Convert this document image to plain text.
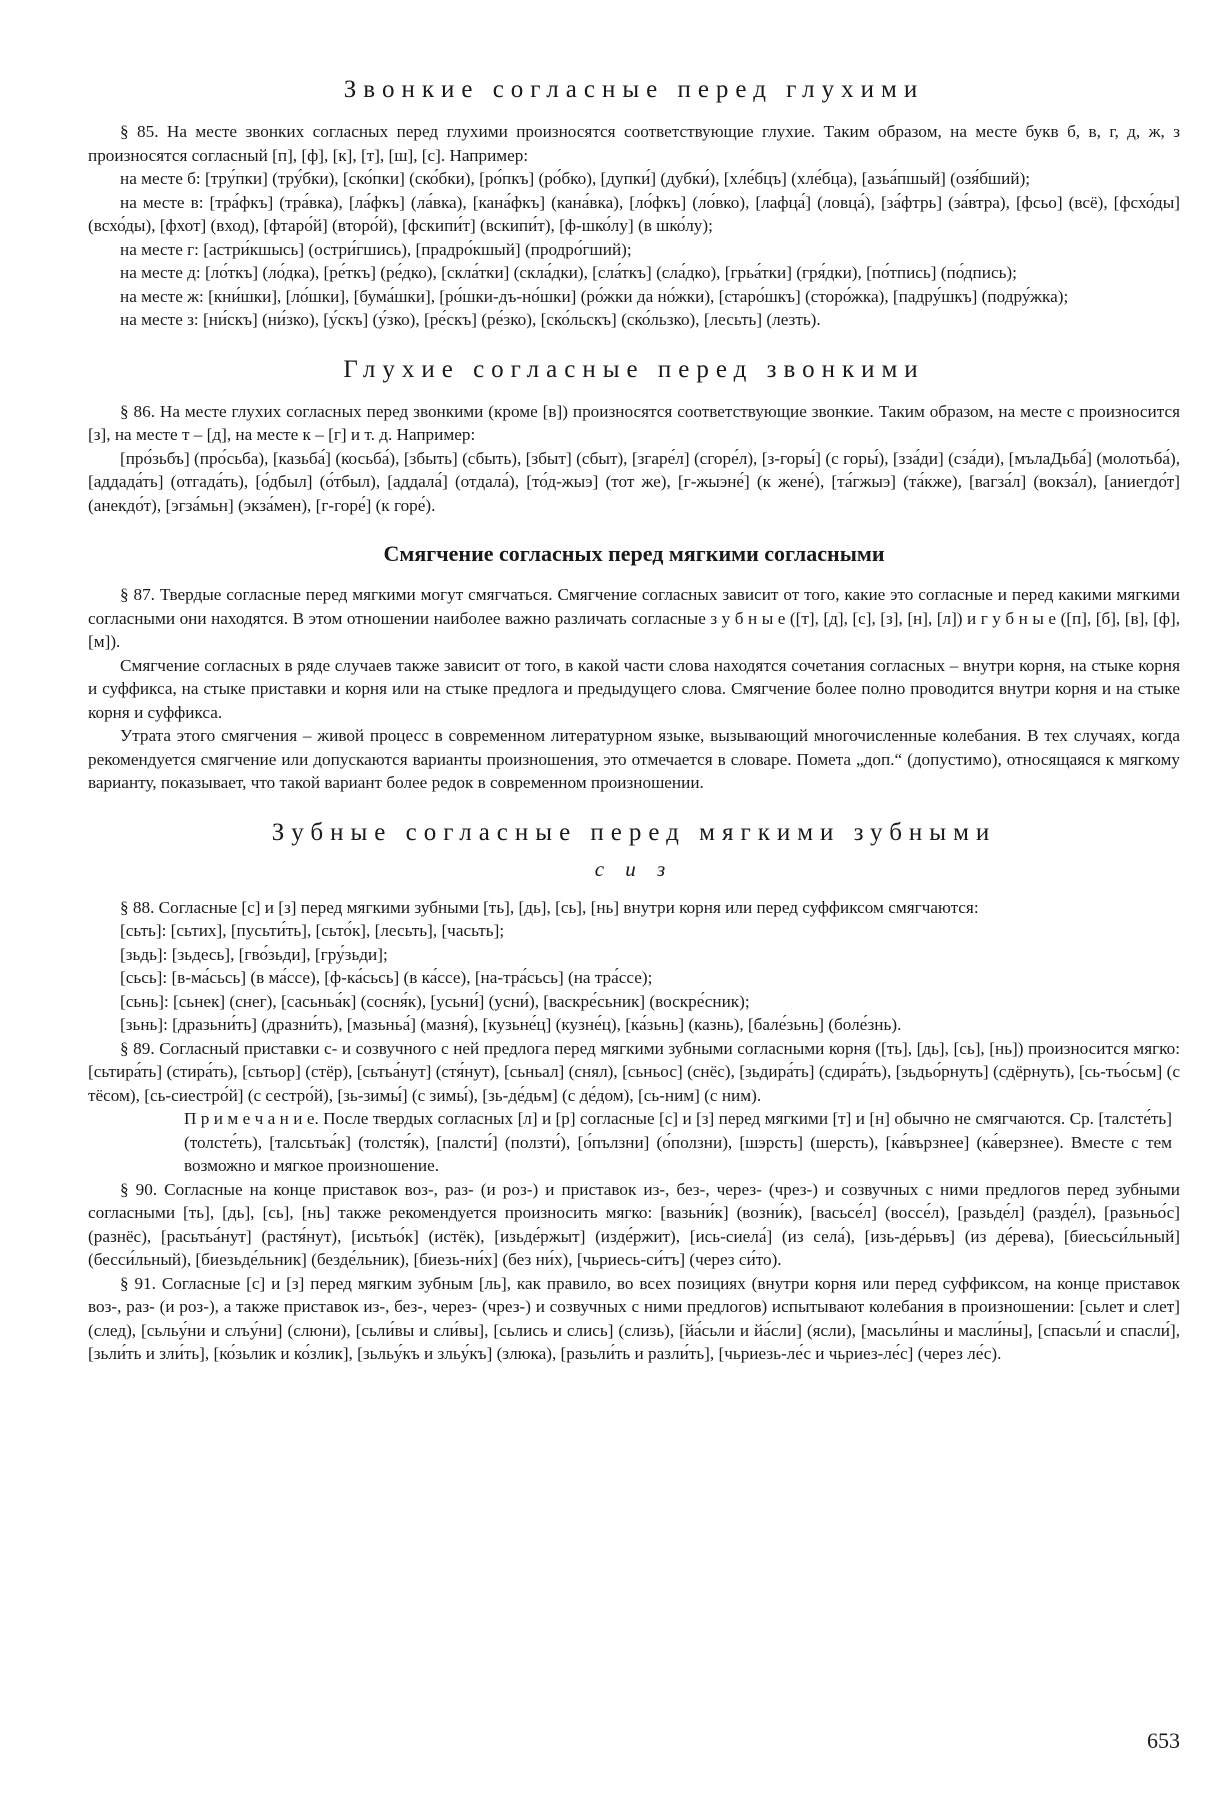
Звонкие согласные перед глухими

§ 85. На месте звонких согласных перед глухими произносятся соответствующие глухие. Таким образом, на месте букв б, в, г, д, ж, з произносятся согласный [п], [ф], [к], [т], [ш], [с]. Например:

на месте б: [тру́пки] (тру́бки), [ско́пки] (ско́бки), [ро́пкъ] (ро́бко), [дупки́] (дубки́), [хле́бцъ] (хле́бца), [азьа́пшый] (озя́бший);

на месте в: [тра́фкъ] (тра́вка), [ла́фкъ] (ла́вка), [кана́фкъ] (кана́вка), [ло́фкъ] (ло́вко), [лафца́] (ловца́), [за́фтрь] (за́втра), [фсьо] (всё), [фсхо́ды] (всхо́ды), [фхот] (вход), [фтаро́й] (второ́й), [фскипи́т] (вскипи́т), [ф-шко́лу] (в шко́лу);

на месте г: [астри́кшысь] (остри́гшись), [прадро́кшый] (продро́гший);

на месте д: [ло́ткъ] (ло́дка), [ре́ткъ] (ре́дко), [скла́тки] (скла́дки), [сла́ткъ] (сла́дко), [грьа́тки] (гря́дки), [по́тпись] (по́дпись);

на месте ж: [кни́шки], [ло́шки], [бума́шки], [ро́шки-дъ-но́шки] (ро́жки да но́жки), [старо́шкъ] (сторо́жка), [падру́шкъ] (подру́жка);

на месте з: [ни́скъ] (ни́зко), [у́скъ] (у́зко), [ре́скъ] (ре́зко), [ско́льскъ] (ско́льзко), [лесьть] (лезть).

Глухие согласные перед звонкими

§ 86. На месте глухих согласных перед звонкими (кроме [в]) произносятся соответствующие звонкие. Таким образом, на месте с произносится [з], на месте т – [д], на месте к – [г] и т. д. Например:

[про́зьбъ] (про́сьба), [казьба́] (косьба́), [збыть] (сбыть), [збыт] (сбыт), [згаре́л] (сгоре́л), [з-горы́] (с горы́), [зза́ди] (сза́ди), [мълаДьба́] (молотьба́), [аддада́ть] (отгада́ть), [о́дбыл] (о́тбыл), [аддала́] (отдала́), [то́д-жыэ] (тот же), [г-жыэне́] (к жене́), [та́гжыэ] (та́кже), [вагза́л] (вокза́л), [аниегдо́т] (анекдо́т), [эгза́мьн] (экза́мен), [г-горе́] (к горе́).

Смягчение согласных перед мягкими согласными

§ 87. Твердые согласные перед мягкими могут смягчаться. Смягчение согласных зависит от того, какие это согласные и перед какими мягкими согласными они находятся. В этом отношении наиболее важно различать согласные з у б н ы е ([т], [д], [с], [з], [н], [л]) и г у б н ы е ([п], [б], [в], [ф], [м]).

Смягчение согласных в ряде случаев также зависит от того, в какой части слова находятся сочетания согласных – внутри корня, на стыке корня и суффикса, на стыке приставки и корня или на стыке предлога и предыдущего слова. Смягчение более полно проводится внутри корня и на стыке корня и суффикса.

Утрата этого смягчения – живой процесс в современном литературном языке, вызывающий многочисленные колебания. В тех случаях, когда рекомендуется смягчение или допускаются варианты произношения, это отмечается в словаре. Помета „доп.“ (допустимо), относящаяся к мягкому варианту, показывает, что такой вариант более редок в современном произношении.

Зубные согласные перед мягкими зубными
с и з

§ 88. Согласные [с] и [з] перед мягкими зубными [ть], [дь], [сь], [нь] внутри корня или перед суффиксом смягчаются:

[сьть]: [сьтих], [пусьти́ть], [сьто́к], [лесьть], [часьть];

[зьдь]: [зьдесь], [гво́зьди], [гру́зьди];

[сьсь]: [в-ма́сьсь] (в ма́ссе), [ф-ка́сьсь] (в ка́ссе), [на-тра́сьсь] (на тра́ссе);

[сьнь]: [сьнек] (снег), [сасьньа́к] (сосня́к), [усьни́] (усни́), [васкре́сьник] (воскре́сник);

[зьнь]: [дразьни́ть] (дразни́ть), [мазьньа́] (мазня́), [кузьне́ц] (кузне́ц), [ка́зьнь] (казнь), [бале́зьнь] (боле́знь).

§ 89. Согласный приставки с- и созвучного с ней предлога перед мягкими зубными согласными корня ([ть], [дь], [сь], [нь]) произносится мягко: [сьтира́ть] (стира́ть), [сьтьор] (стёр), [сьтьа́нут] (стя́нут), [сьньал] (снял), [сьньос] (снёс), [зьдира́ть] (сдира́ть), [зьдьо́рнуть] (сдёрнуть), [сь-тьо́сьм] (с тёсом), [сь-сиестро́й] (с сестро́й), [зь-зимы́] (с зимы́), [зь-де́дьм] (с де́дом), [сь-ним] (с ним).

П р и м е ч а н и е. После твердых согласных [л] и [р] согласные [с] и [з] перед мягкими [т] и [н] обычно не смягчаются. Ср. [талсте́ть] (толсте́ть), [талсьтьа́к] (толстя́к), [палсти́] (ползти́), [о́пълзни] (о́ползни), [шэрсть] (шерсть), [ка́вързнее] (ка́верзнее). Вместе с тем возможно и мягкое произношение.

§ 90. Согласные на конце приставок воз-, раз- (и роз-) и приставок из-, без-, через- (чрез-) и созвучных с ними предлогов перед зубными согласными [ть], [дь], [сь], [нь] также рекомендуется произносить мягко: [вазьни́к] (возни́к), [васьсе́л] (воссе́л), [разьде́л] (разде́л), [разьньо́с] (разнёс), [расьтьа́нут] (растя́нут), [исьтьо́к] (истёк), [изьде́ржыт] (изде́ржит), [ись-сиела́] (из села́), [изь-де́рьвъ] (из де́рева), [биесьси́льный] (бесси́льный), [биезьде́льник] (безде́льник), [биезь-ни́х] (без ни́х), [чьриесь-си́тъ] (через си́то).

§ 91. Согласные [с] и [з] перед мягким зубным [ль], как правило, во всех позициях (внутри корня или перед суффиксом, на конце приставок воз-, раз- (и роз-), а также приставок из-, без-, через- (чрез-) и созвучных с ними предлогов) испытывают колебания в произношении: [сьлет и слет] (след), [сьльу́ни и слъу́ни] (слюни), [сьли́вы и сли́вы], [сьлись и слись] (слизь), [йа́сьли и йа́сли] (ясли), [масьли́ны и масли́ны], [спасьли́ и спасли́], [зьли́ть и зли́ть], [ко́зьлик и ко́злик], [зьльу́къ и зльу́къ] (злюка), [разьли́ть и разли́ть], [чьриезь-ле́с и чьриез-ле́с] (через ле́с).

653
